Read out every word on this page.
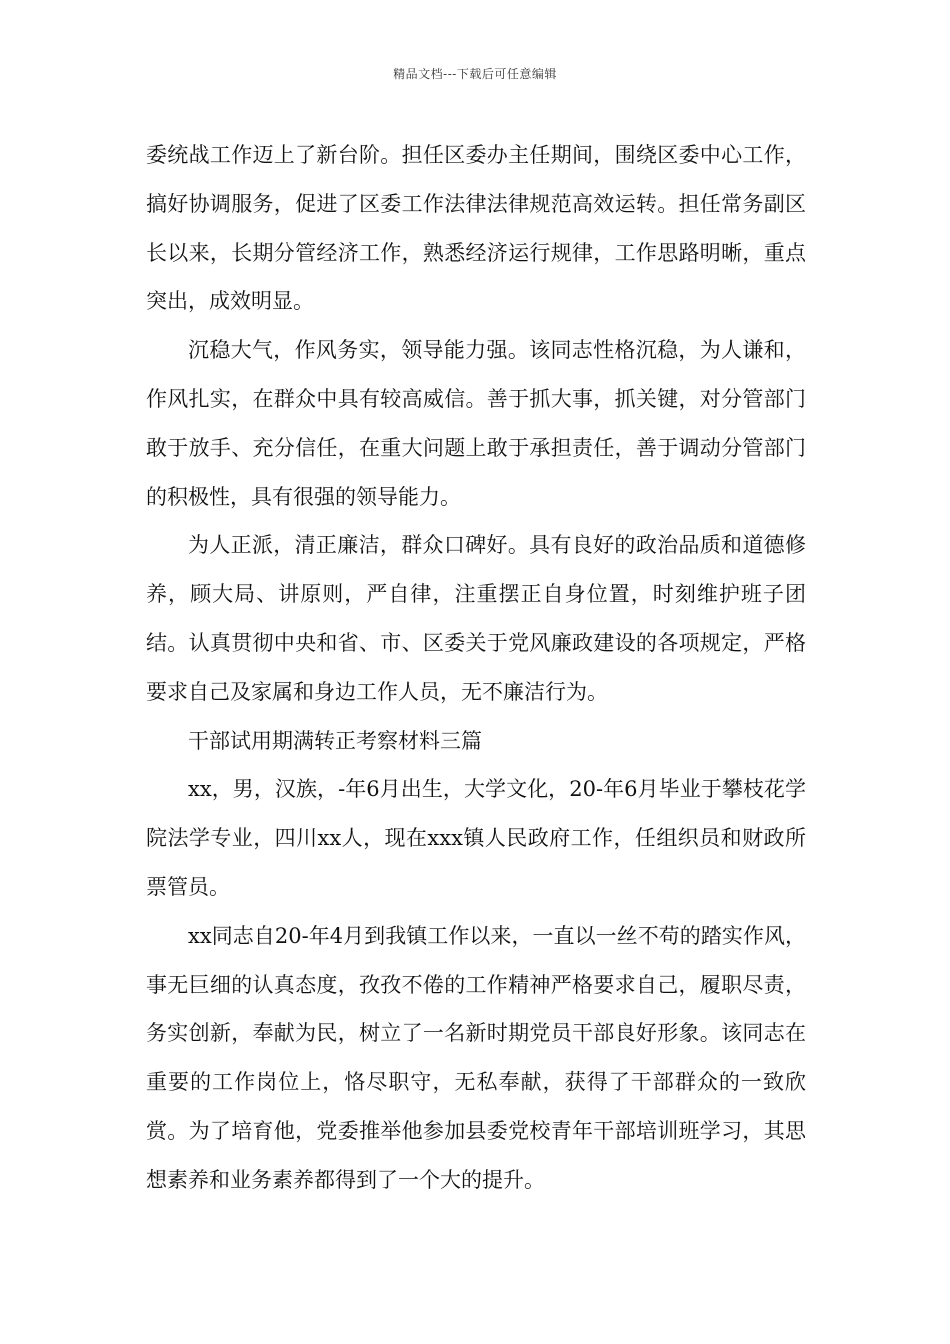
精品文档---下载后可任意编辑

委统战工作迈上了新台阶。担任区委办主任期间，围绕区委中心工作，搞好协调服务，促进了区委工作法律法律规范高效运转。担任常务副区长以来，长期分管经济工作，熟悉经济运行规律，工作思路明晰，重点突出，成效明显。

沉稳大气，作风务实，领导能力强。该同志性格沉稳，为人谦和，作风扎实，在群众中具有较高威信。善于抓大事，抓关键，对分管部门敢于放手、充分信任，在重大问题上敢于承担责任，善于调动分管部门的积极性，具有很强的领导能力。

为人正派，清正廉洁，群众口碑好。具有良好的政治品质和道德修养，顾大局、讲原则，严自律，注重摆正自身位置，时刻维护班子团结。认真贯彻中央和省、市、区委关于党风廉政建设的各项规定，严格要求自己及家属和身边工作人员，无不廉洁行为。

干部试用期满转正考察材料三篇

xx，男，汉族，-年6月出生，大学文化，20-年6月毕业于攀枝花学院法学专业，四川xx人，现在xxx镇人民政府工作，任组织员和财政所票管员。

xx同志自20-年4月到我镇工作以来，一直以一丝不苟的踏实作风，事无巨细的认真态度，孜孜不倦的工作精神严格要求自己，履职尽责，务实创新，奉献为民，树立了一名新时期党员干部良好形象。该同志在重要的工作岗位上，恪尽职守，无私奉献，获得了干部群众的一致欣赏。为了培育他，党委推举他参加县委党校青年干部培训班学习，其思想素养和业务素养都得到了一个大的提升。
